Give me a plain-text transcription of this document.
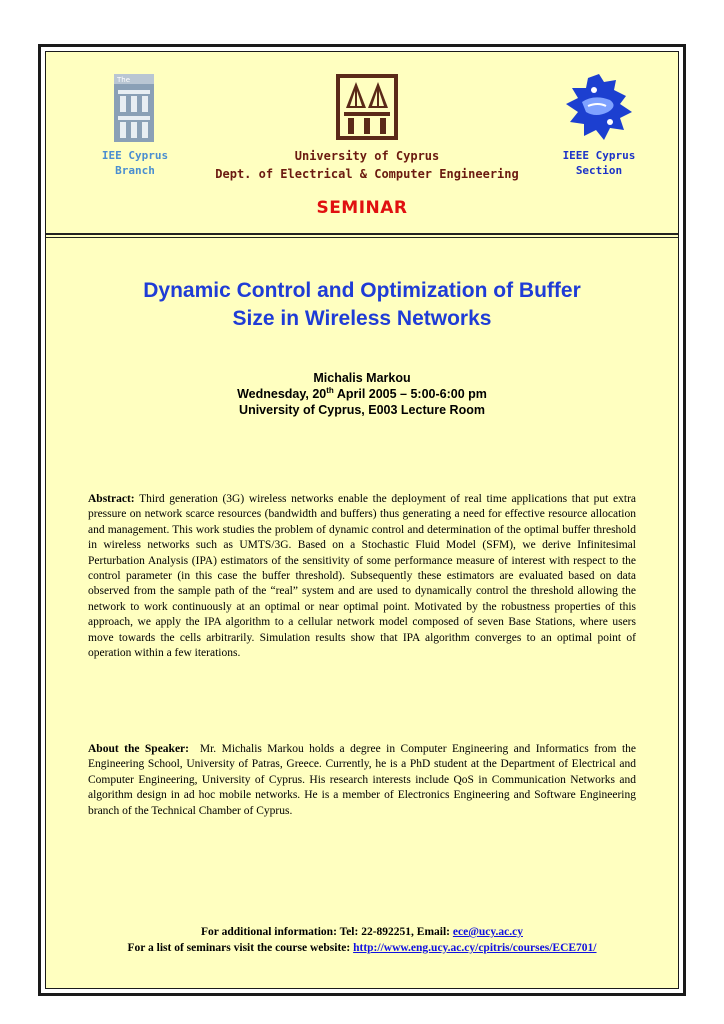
The
IEE Cyprus
Branch
University of Cyprus
Dept. of Electrical & Computer Engineering
IEEE Cyprus
Section
SEMINAR
Dynamic Control and Optimization of Buffer
Size in Wireless Networks
Michalis Markou
Wednesday, 20th April 2005 – 5:00-6:00 pm
University of Cyprus, E003 Lecture Room
Abstract: Third generation (3G) wireless networks enable the deployment of real time applications that put extra pressure on network scarce resources (bandwidth and buffers) thus generating a need for effective resource allocation and management. This work studies the problem of dynamic control and determination of the optimal buffer threshold in wireless networks such as UMTS/3G. Based on a Stochastic Fluid Model (SFM), we derive Infinitesimal Perturbation Analysis (IPA) estimators of the sensitivity of some performance measure of interest with respect to the control parameter (in this case the buffer threshold). Subsequently these estimators are evaluated based on data observed from the sample path of the “real” system and are used to dynamically control the threshold allowing the network to work continuously at an optimal or near optimal point. Motivated by the robustness properties of this approach, we apply the IPA algorithm to a cellular network model composed of seven Base Stations, where users move towards the cells arbitrarily. Simulation results show that IPA algorithm converges to an optimal point of operation within a few iterations.
About the Speaker: Mr. Michalis Markou holds a degree in Computer Engineering and Informatics from the Engineering School, University of Patras, Greece. Currently, he is a PhD student at the Department of Electrical and Computer Engineering, University of Cyprus. His research interests include QoS in Communication Networks and algorithm design in ad hoc mobile networks. He is a member of Electronics Engineering and Software Engineering branch of the Technical Chamber of Cyprus.
For additional information: Tel: 22-892251, Email: ece@ucy.ac.cy
For a list of seminars visit the course website: http://www.eng.ucy.ac.cy/cpitris/courses/ECE701/
